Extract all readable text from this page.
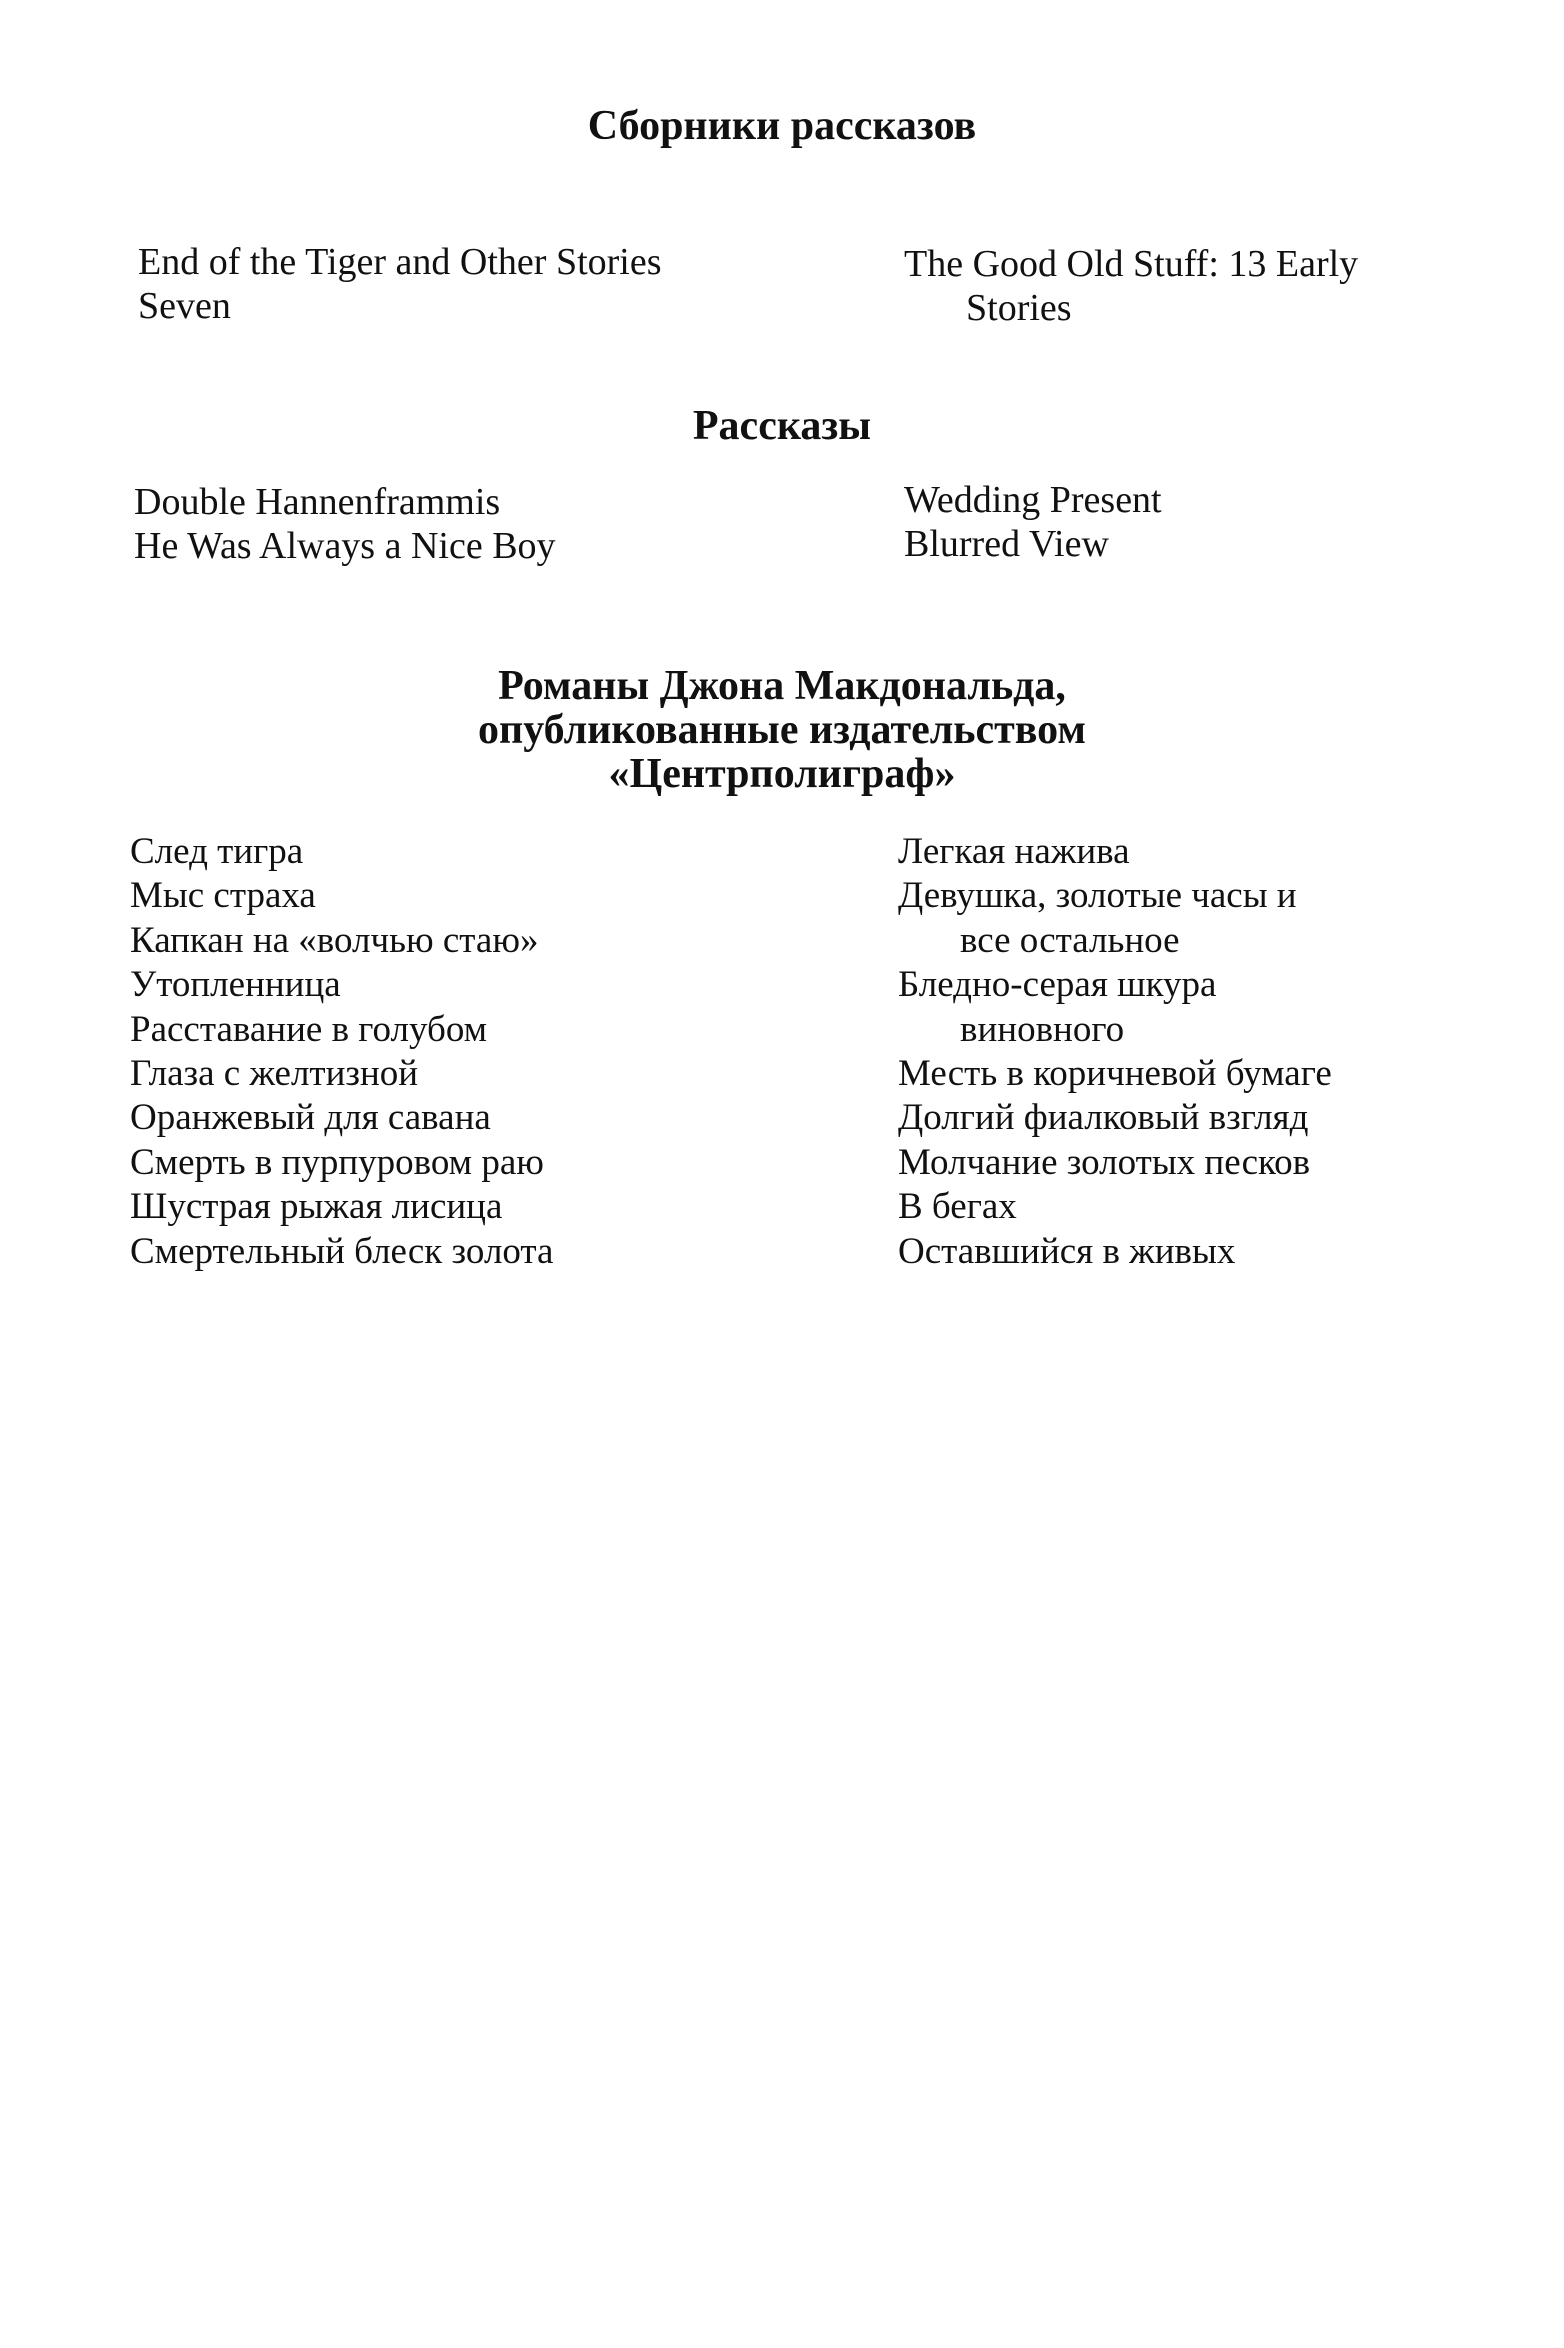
Сборники рассказов
End of the Tiger and Other Stories
Seven
The Good Old Stuff: 13 Early
Stories
Рассказы
Double Hannenframmis
He Was Always a Nice Boy
Wedding Present
Blurred View
Романы Джона Макдональда,
опубликованные издательством
«Центрполиграф»
След тигра
Мыс страха
Капкан на «волчью стаю»
Утопленница
Расставание в голубом
Глаза с желтизной
Оранжевый для савана
Смерть в пурпуровом раю
Шустрая рыжая лисица
Смертельный блеск золота
Легкая нажива
Девушка, золотые часы и
все остальное
Бледно-серая шкура
виновного
Месть в коричневой бумаге
Долгий фиалковый взгляд
Молчание золотых песков
В бегах
Оставшийся в живых
